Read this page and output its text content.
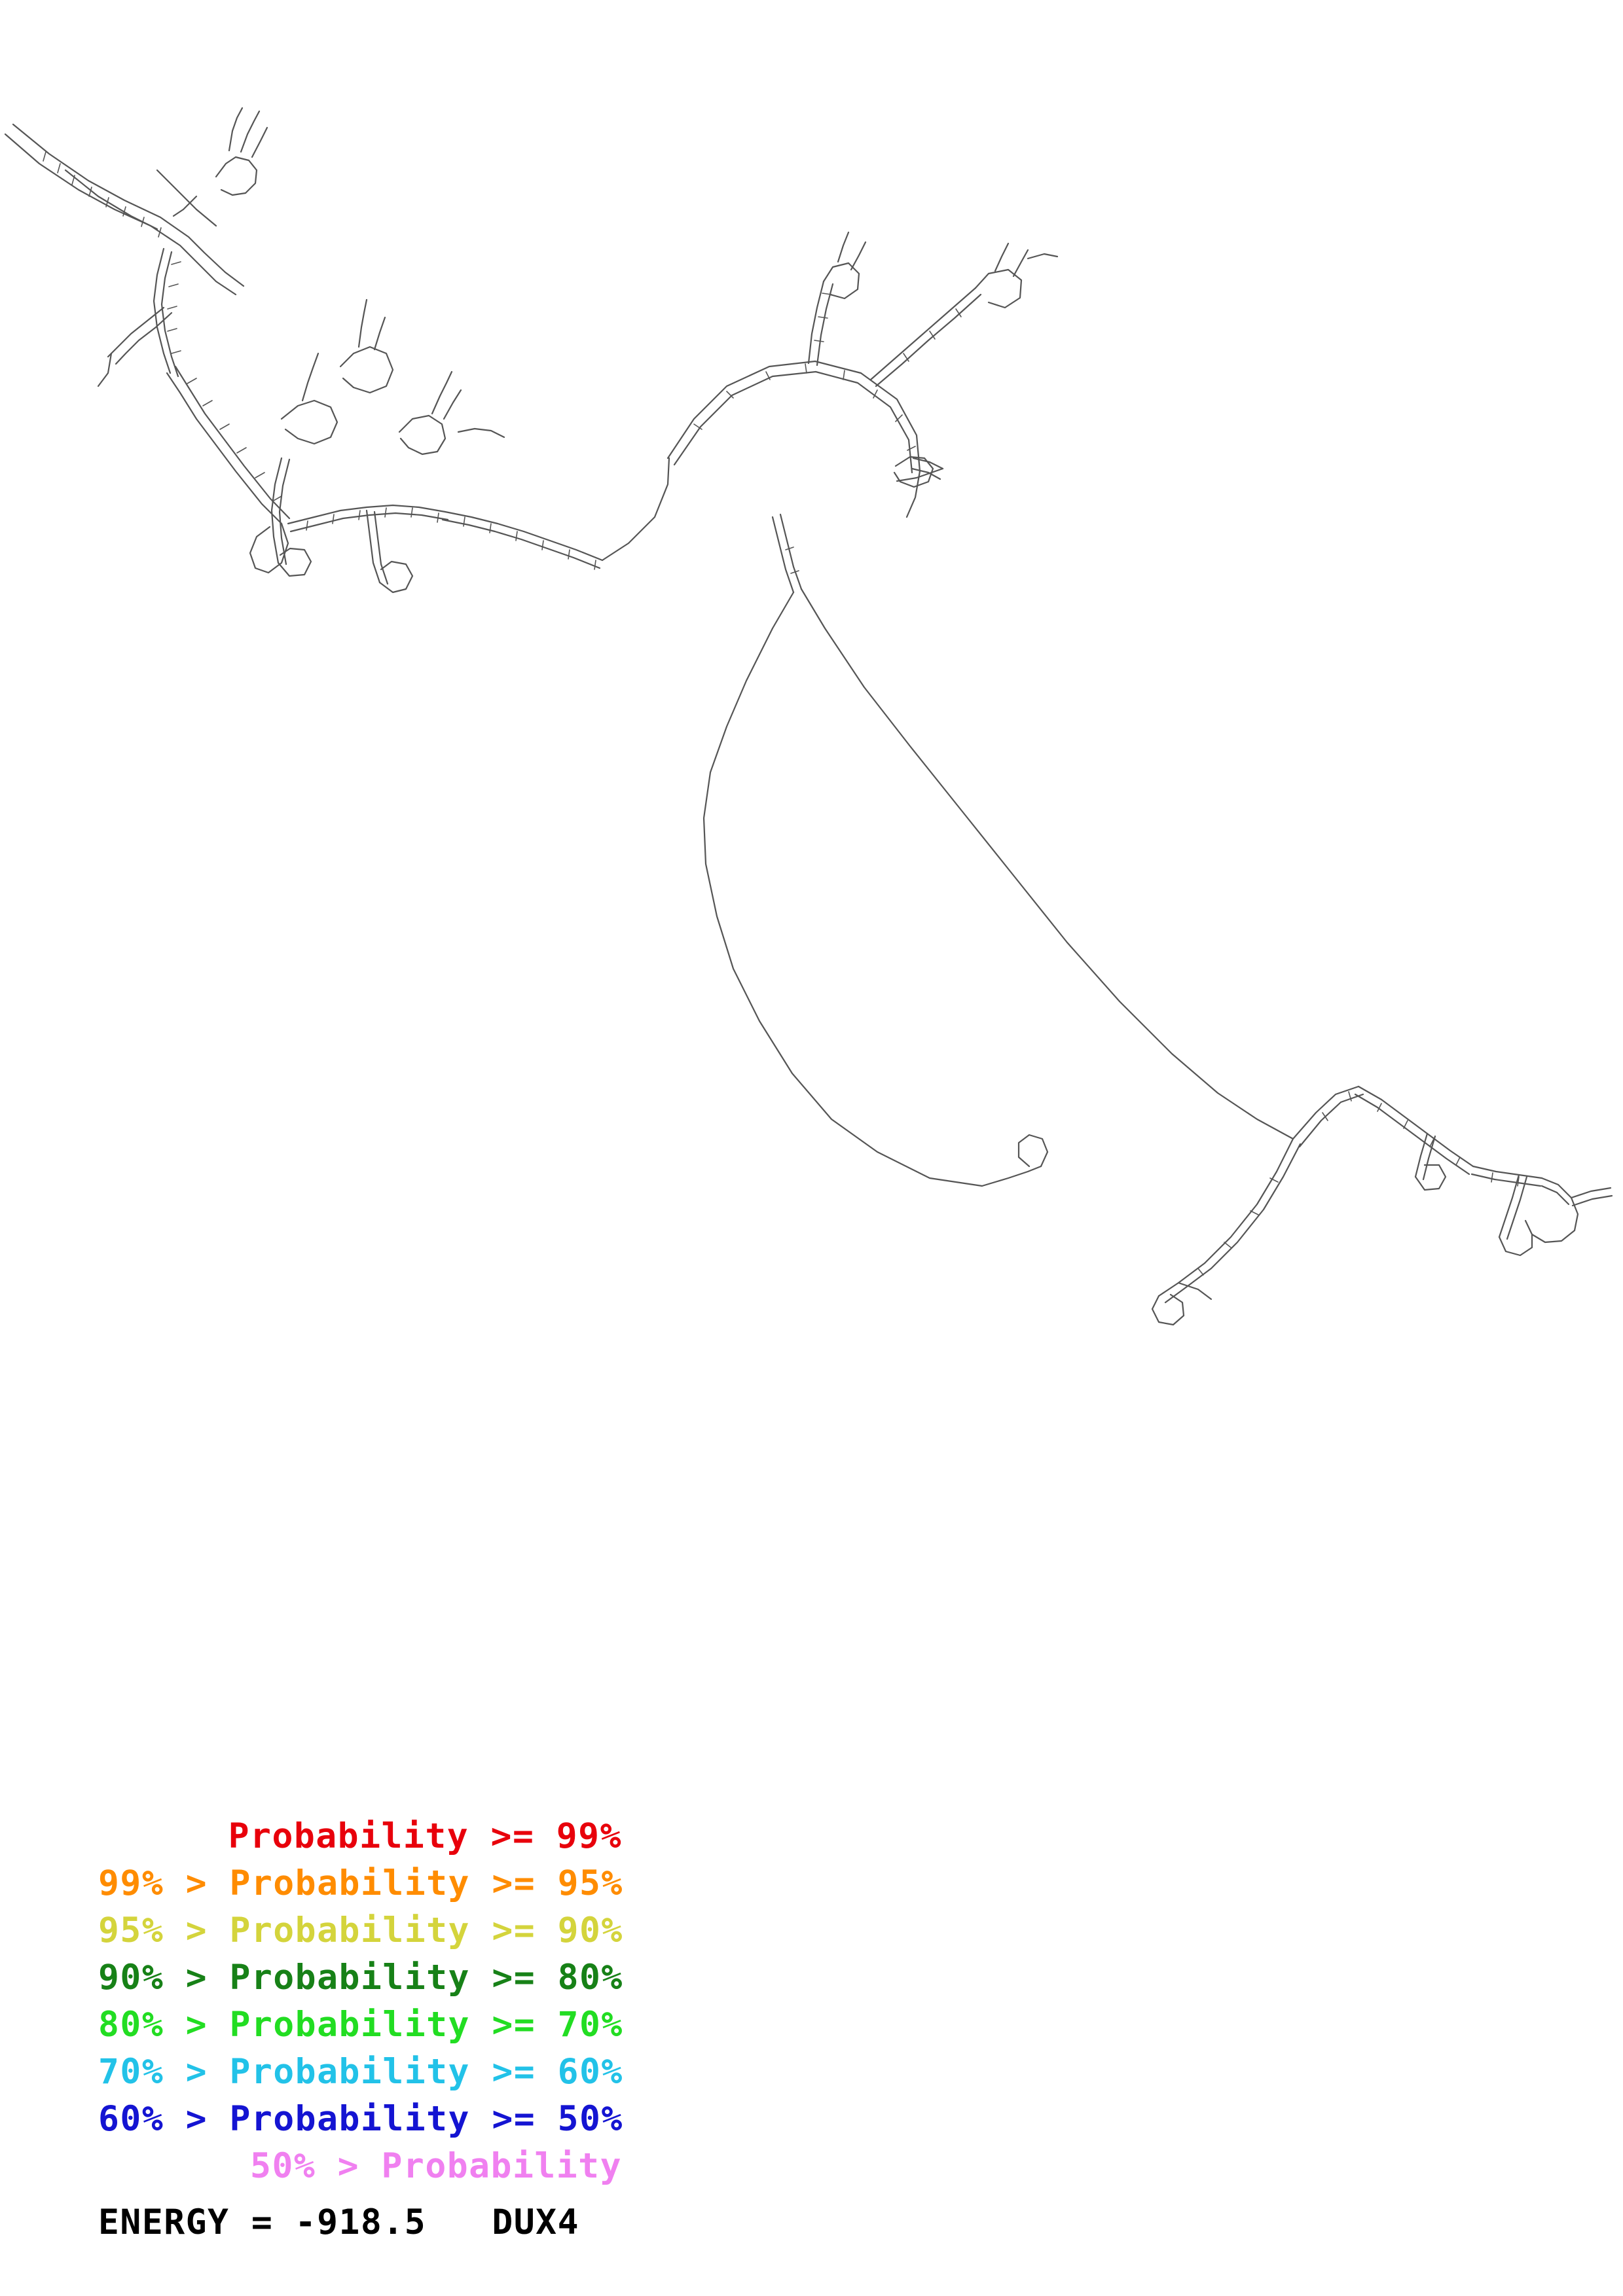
Probability >= 99%
99% > Probability >= 95%
95% > Probability >= 90%
90% > Probability >= 80%
80% > Probability >= 70%
70% > Probability >= 60%
60% > Probability >= 50%
50% > Probability
ENERGY = -918.5   DUX4
